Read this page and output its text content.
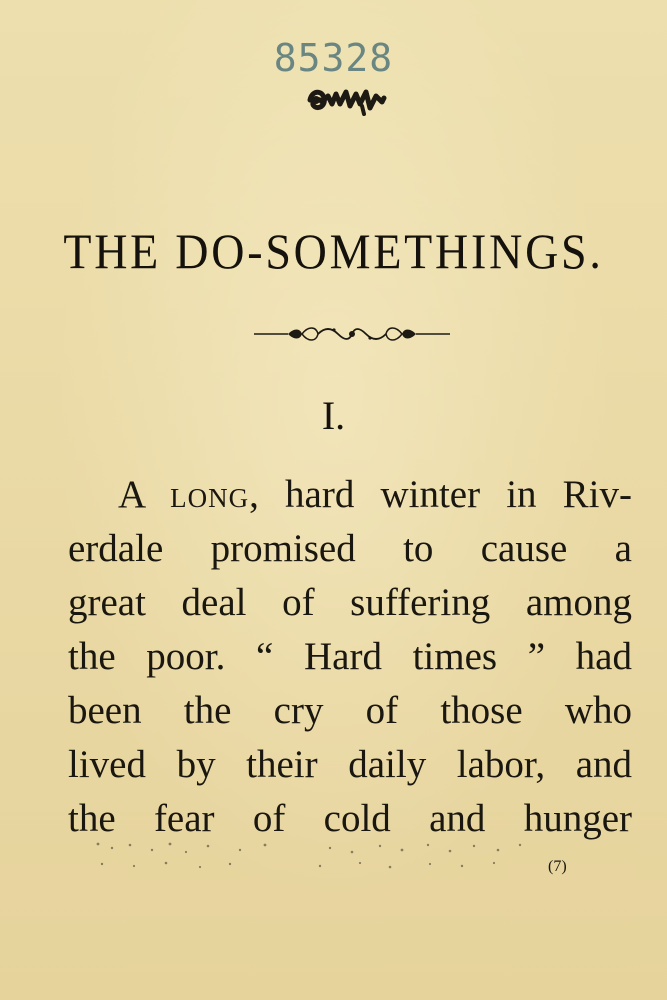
85328
THE DO-SOMETHINGS.
I.
A long, hard winter in Riv-
erdale promised to cause a
great deal of suffering among
the poor. “ Hard times ” had
been the cry of those who
lived by their daily labor, and
the fear of cold and hunger
(7)
